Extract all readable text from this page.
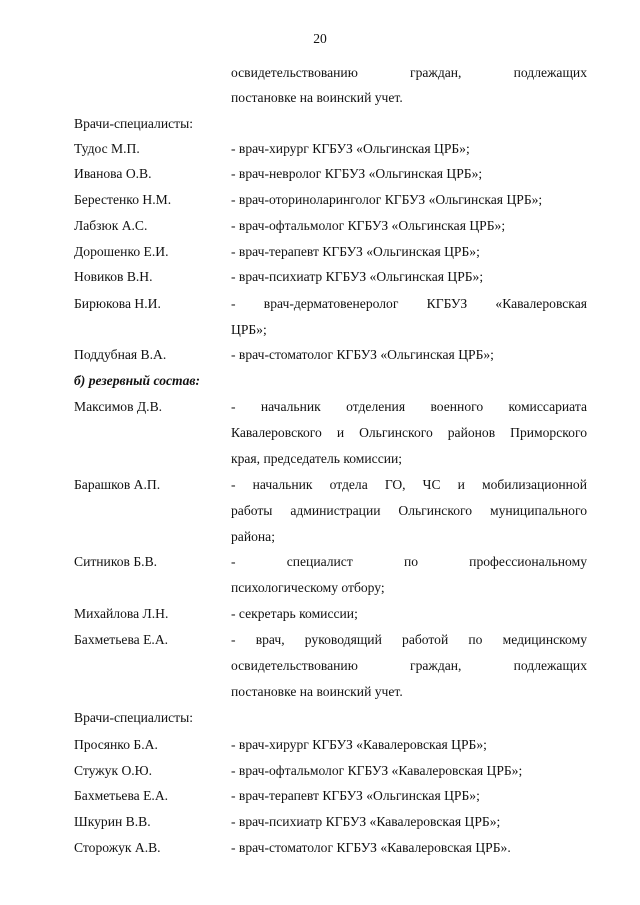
20
освидетельствованию граждан, подлежащих
постановке на воинский учет.
Врачи-специалисты:
Тудос М.П.	- врач-хирург КГБУЗ «Ольгинская ЦРБ»;
Иванова О.В.	- врач-невролог КГБУЗ «Ольгинская ЦРБ»;
Берестенко Н.М.	- врач-оториноларинголог КГБУЗ «Ольгинская ЦРБ»;
Лабзюк А.С.	- врач-офтальмолог КГБУЗ «Ольгинская ЦРБ»;
Дорошенко Е.И.	- врач-терапевт КГБУЗ «Ольгинская ЦРБ»;
Новиков В.Н.	- врач-психиатр КГБУЗ «Ольгинская ЦРБ»;
Бирюкова Н.И.	- врач-дерматовенеролог КГБУЗ «Кавалеровская
ЦРБ»;
Поддубная В.А.	- врач-стоматолог КГБУЗ «Ольгинская ЦРБ»;
б) резервный состав:
Максимов Д.В.	- начальник отделения военного комиссариата
Кавалеровского и Ольгинского районов Приморского
края, председатель комиссии;
Барашков А.П.	- начальник отдела ГО, ЧС и мобилизационной
работы администрации Ольгинского муниципального
района;
Ситников Б.В.	- специалист по профессиональному
психологическому отбору;
Михайлова Л.Н.	- секретарь комиссии;
Бахметьева Е.А.	- врач, руководящий работой по медицинскому
освидетельствованию граждан, подлежащих
постановке на воинский учет.
Врачи-специалисты:
Просянко Б.А.	- врач-хирург КГБУЗ «Кавалеровская ЦРБ»;
Стужук О.Ю.	- врач-офтальмолог КГБУЗ «Кавалеровская ЦРБ»;
Бахметьева Е.А.	- врач-терапевт КГБУЗ «Ольгинская ЦРБ»;
Шкурин В.В.	- врач-психиатр КГБУЗ «Кавалеровская ЦРБ»;
Сторожук А.В.	- врач-стоматолог КГБУЗ «Кавалеровская ЦРБ».
